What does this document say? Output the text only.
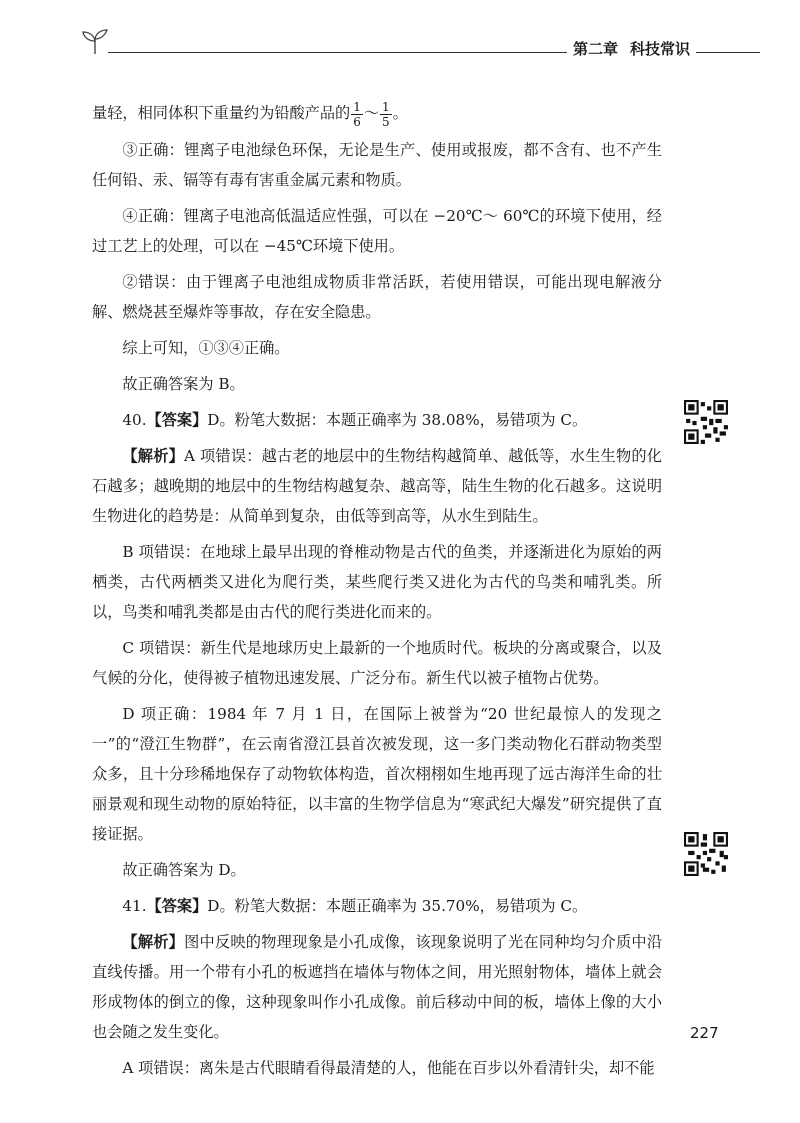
第二章 科技常识

量轻，相同体积下重量约为铅酸产品的 $\frac{1}{6}$ ～ $\frac{1}{5}$ 。

③正确：锂离子电池绿色环保，无论是生产、使用或报废，都不含有、也不产生任何铅、汞、镉等有毒有害重金属元素和物质。

④正确：锂离子电池高低温适应性强，可以在 −20℃～ 60℃的环境下使用，经过工艺上的处理，可以在 −45℃环境下使用。

②错误：由于锂离子电池组成物质非常活跃，若使用错误，可能出现电解液分解、燃烧甚至爆炸等事故，存在安全隐患。

综上可知，①③④正确。

故正确答案为 B。

40.【答案】D。粉笔大数据：本题正确率为 38.08%，易错项为 C。

【解析】A 项错误：越古老的地层中的生物结构越简单、越低等，水生生物的化石越多；越晚期的地层中的生物结构越复杂、越高等，陆生生物的化石越多。这说明生物进化的趋势是：从简单到复杂，由低等到高等，从水生到陆生。

B 项错误：在地球上最早出现的脊椎动物是古代的鱼类，并逐渐进化为原始的两栖类，古代两栖类又进化为爬行类，某些爬行类又进化为古代的鸟类和哺乳类。所以，鸟类和哺乳类都是由古代的爬行类进化而来的。

C 项错误：新生代是地球历史上最新的一个地质时代。板块的分离或聚合，以及气候的分化，使得被子植物迅速发展、广泛分布。新生代以被子植物占优势。

D 项正确：1984 年 7 月 1 日，在国际上被誉为“20 世纪最惊人的发现之一”的“澄江生物群”，在云南省澄江县首次被发现，这一多门类动物化石群动物类型众多，且十分珍稀地保存了动物软体构造，首次栩栩如生地再现了远古海洋生命的壮丽景观和现生动物的原始特征，以丰富的生物学信息为“寒武纪大爆发”研究提供了直接证据。

故正确答案为 D。

41.【答案】D。粉笔大数据：本题正确率为 35.70%，易错项为 C。

【解析】图中反映的物理现象是小孔成像，该现象说明了光在同种均匀介质中沿直线传播。用一个带有小孔的板遮挡在墙体与物体之间，用光照射物体，墙体上就会形成物体的倒立的像，这种现象叫作小孔成像。前后移动中间的板，墙体上像的大小也会随之发生变化。

A 项错误：离朱是古代眼睛看得最清楚的人，他能在百步以外看清针尖，却不能

227
